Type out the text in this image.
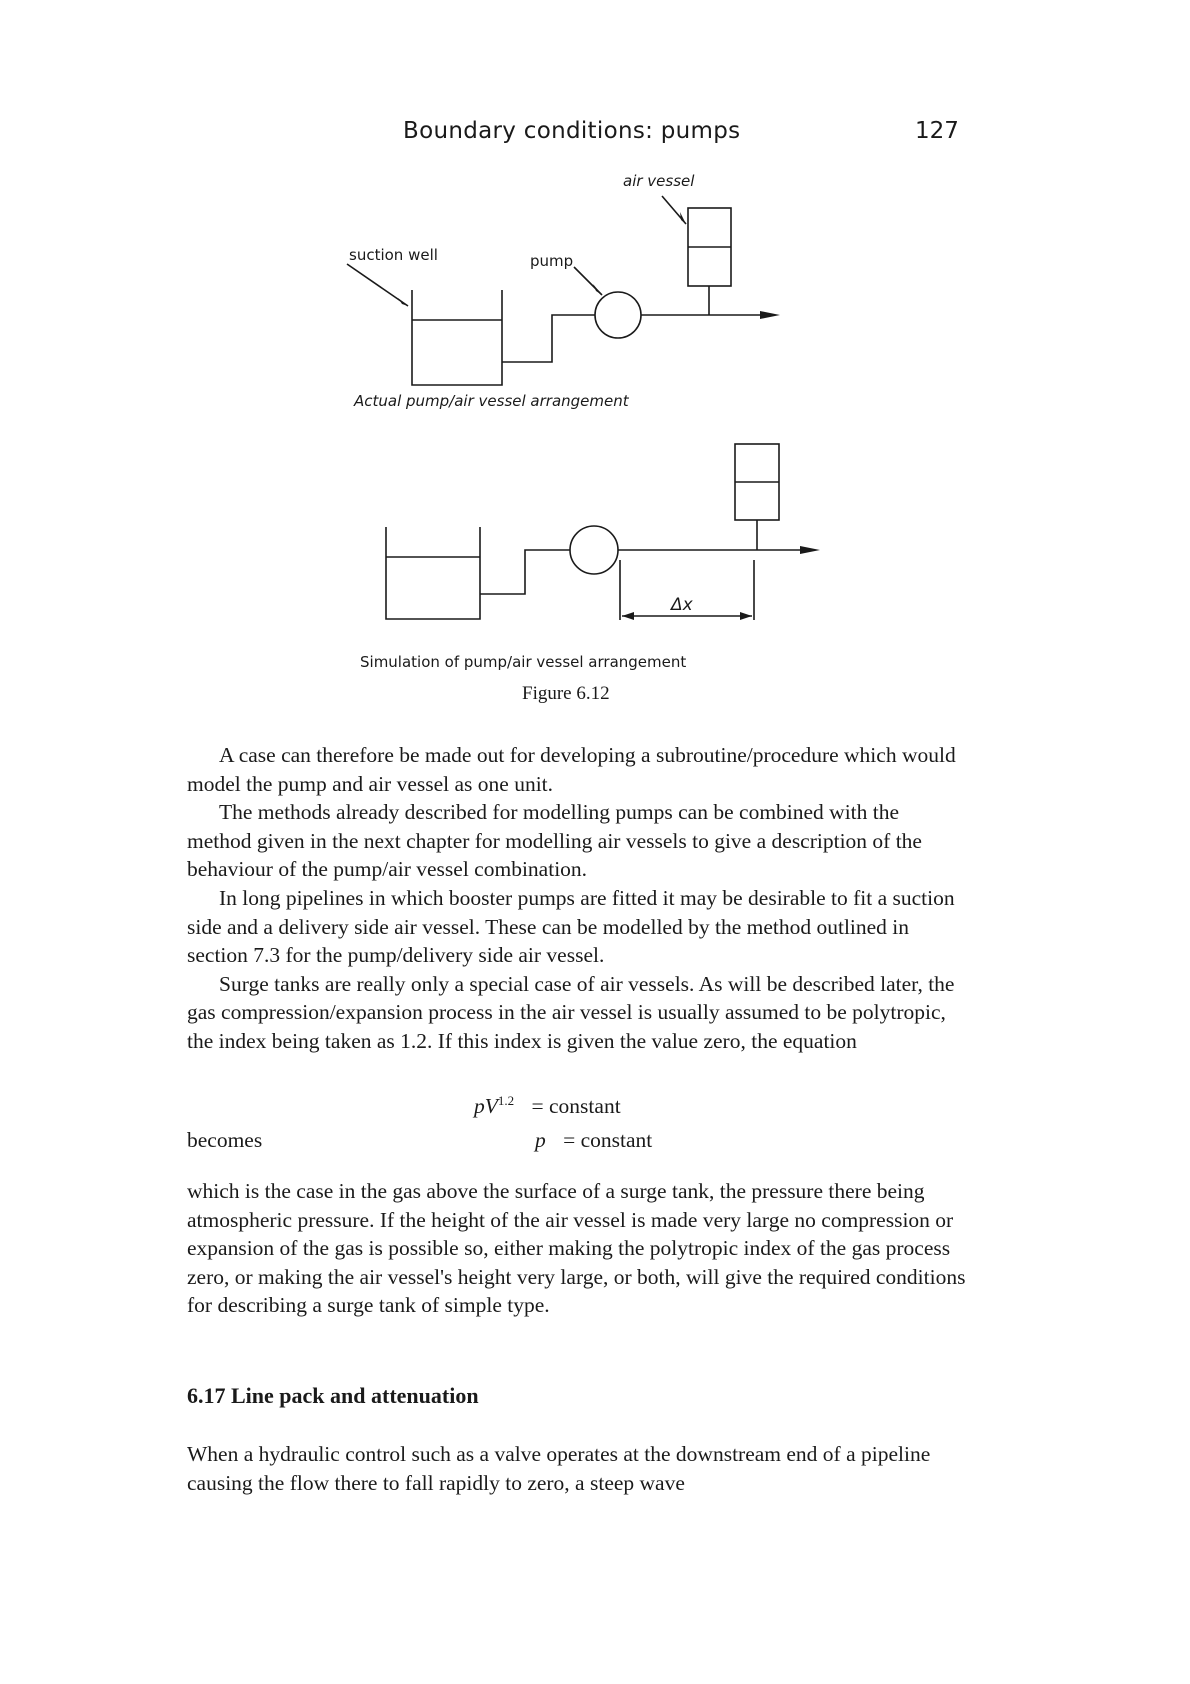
Boundary conditions: pumps	127
air vessel
suction well	pump
Actual pump/air vessel arrangement
Δx
Simulation of pump/air vessel arrangement
Figure 6.12

A case can therefore be made out for developing a subroutine/procedure which would model the pump and air vessel as one unit.

The methods already described for modelling pumps can be combined with the method given in the next chapter for modelling air vessels to give a description of the behaviour of the pump/air vessel combination.

In long pipelines in which booster pumps are fitted it may be desirable to fit a suction side and a delivery side air vessel. These can be modelled by the method outlined in section 7.3 for the pump/delivery side air vessel.

Surge tanks are really only a special case of air vessels. As will be described later, the gas compression/expansion process in the air vessel is usually assumed to be polytropic, the index being taken as 1.2. If this index is given the value zero, the equation

$pV^{1.2}$ = constant
becomes	p = constant

which is the case in the gas above the surface of a surge tank, the pressure there being atmospheric pressure. If the height of the air vessel is made very large no compression or expansion of the gas is possible so, either making the polytropic index of the gas process zero, or making the air vessel's height very large, or both, will give the required conditions for describing a surge tank of simple type.

6.17 Line pack and attenuation
When a hydraulic control such as a valve operates at the downstream end of a pipeline causing the flow there to fall rapidly to zero, a steep wave
